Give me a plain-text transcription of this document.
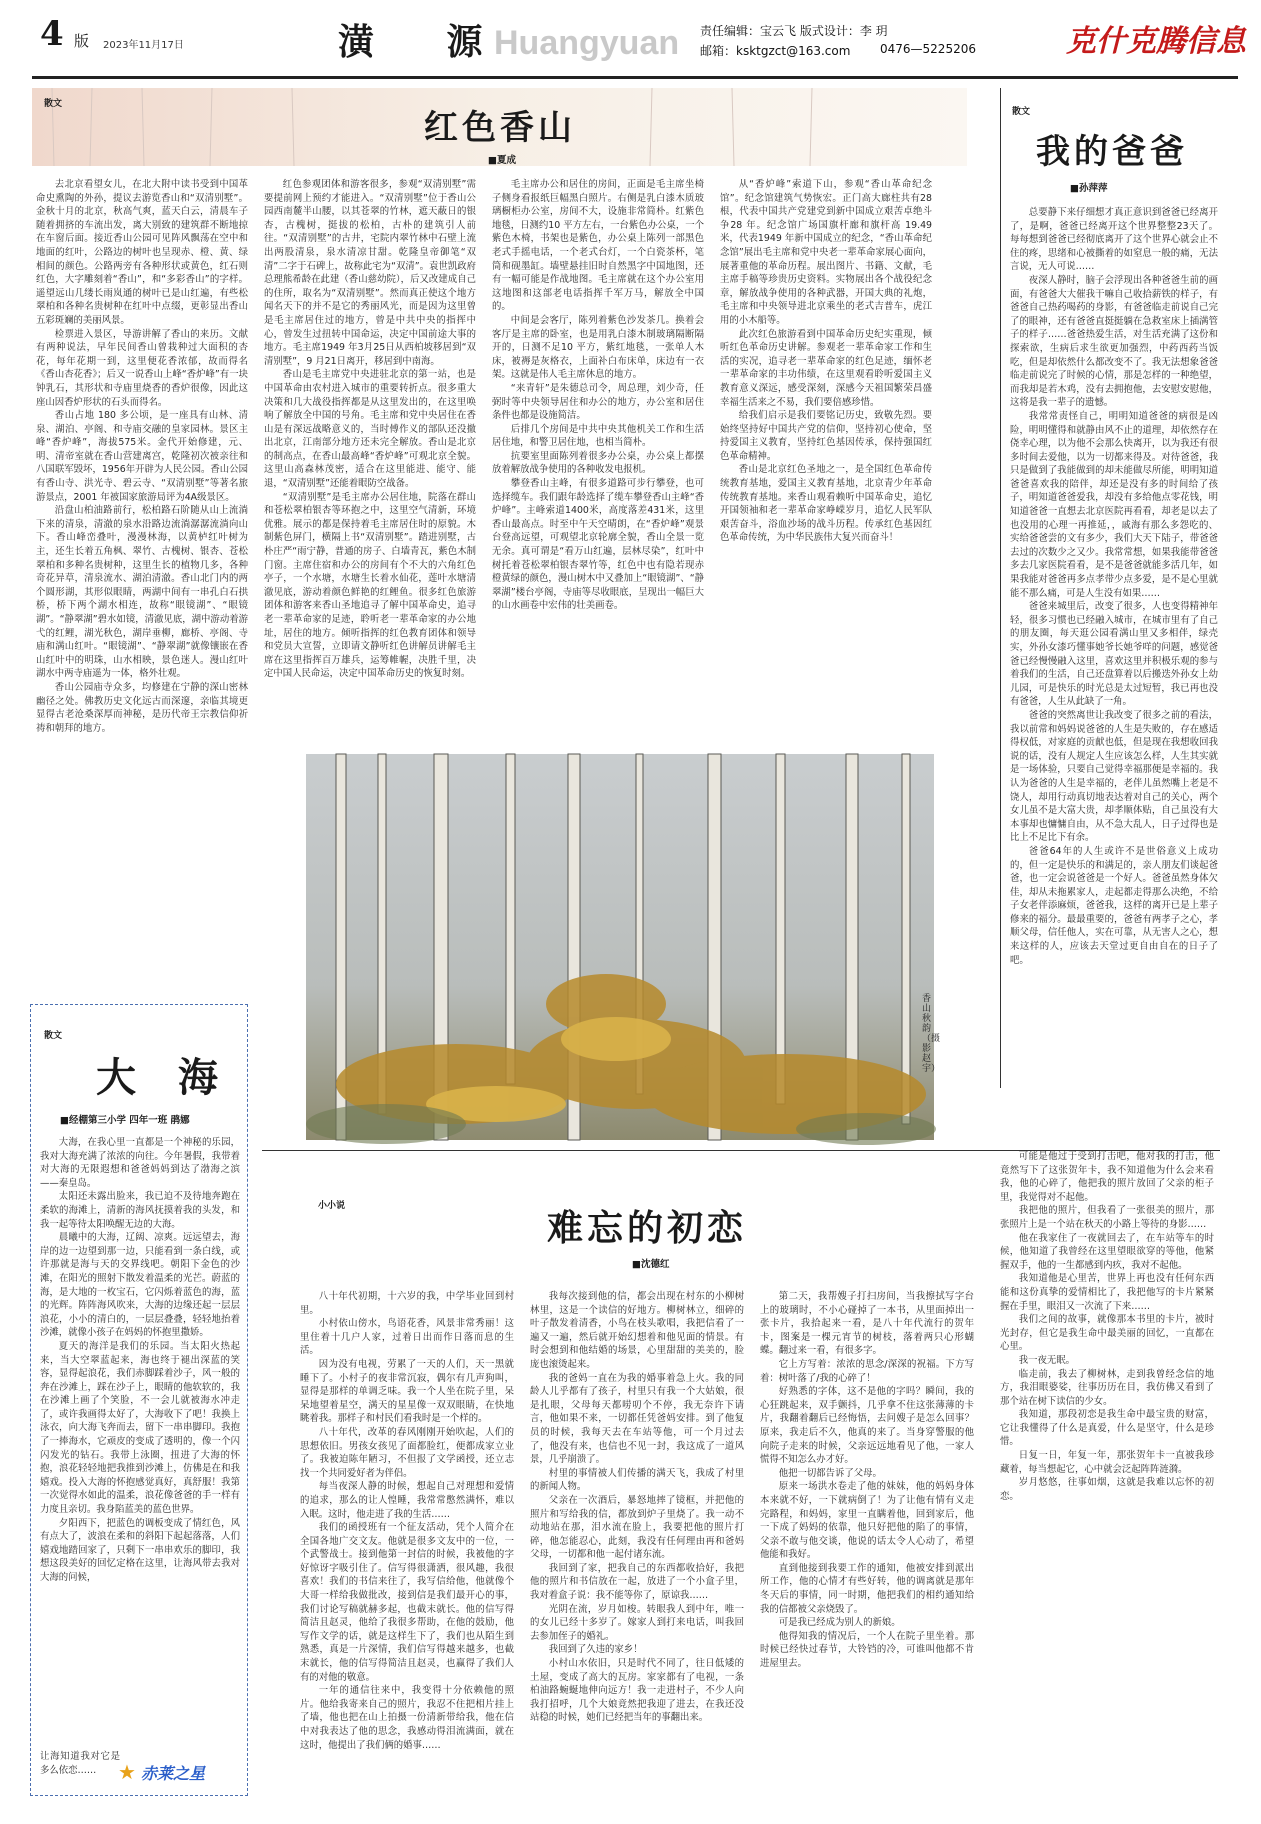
4 版 2023年11月17日	潢 源
Huangyuan 责任编辑：宝云飞 版式设计：李 玥
邮箱：ksktgzct@163.com 0476—5225206	克什克腾信息
散文
红色香山
■夏成

去北京看望女儿，在北大附中读书受到中国革命史熏陶的外孙，提议去游览香山和“双清别墅”。金秋十月的北京，秋高气爽，蓝天白云，清晨车子随着拥挤的车流出发，离大别致的建筑群不断地掠在车窗后面。接近香山公园可见阵风飘荡在空中和地面的红叶，公路边的树叶也呈现赤、橙、黄、绿相间的颜色。公路两旁有各种形状或黄色，红石则红色，大字雕刻着“香山”，和“多彩香山”的字样。遥望远山几缕长雨岚通的树叶已是山红遍，有些松翠柏和各种名贵树种在红叶中点缀，更彰显出香山五彩斑斓的美丽风景。

检票进入景区，导游讲解了香山的来历。文献有两种说法，早年民间香山曾栽种过大面积的杏花，每年花期一到，这里便花香浓郁，故而得名《香山杏花香》；后又一说香山上峰“香炉峰”有一块钟乳石，其形状和寺庙里烧香的香炉很像，因此这座山因香炉形状的石头而得名。

香山占地 180 多公顷，是一座具有山林、清泉、湖泊、亭阁、和寺庙交融的皇家园林。景区主峰“香炉峰”，海拔575米。金代开始修建，元、明、清帝室就在香山营建离宫，乾隆初次被亲往和八国联军毁坏，1956年开辟为人民公园。香山公园有香山寺、洪光寺、碧云寺、“双清别墅”等著名旅游景点，2001 年被国家旅游局评为4A级景区。

沿盘山柏油路前行，松柏路石阶随从山上流淌下来的清泉，清澈的泉水沿路边流淌潺潺流淌向山下。香山峰峦叠叶，漫漫林海，以黄栌红叶树为主，还生长着五角枫、翠竹、古槐树、银杏、苍松翠柏和多种名贵树种，这里生长的植物几多，各种奇花异草，清泉流水、湖泊清澈。香山北门内的两个圆形湖，其形似眼睛，两湖中间有一串孔白石拱桥，桥下两个湖水相连，故称“眼镜湖”、“眼镜湖”。“静翠湖”碧水如镜，清澈见底，湖中游动着游弋的红鲤，湖光秋色，湖岸垂柳，廊桥、亭阁、寺庙和满山红叶。“眼镜湖”、“静翠湖”就像镶嵌在香山红叶中的明珠，山水相映，景色迷人。漫山红叶湖水中两寺庙遥为一体，格外壮观。

香山公园庙寺众多，均修建在宁静的深山密林幽径之处。佛教历史文化远古而深邃，亲临其境更显得古老沧桑深厚而神秘，是历代帝王宗教信仰祈祷和朝拜的地方。

红色参观团体和游客很多，参观“双清别墅”需要提前网上预约才能进入。“双清别墅”位于香山公园西南麓半山腰，以其苍翠的竹林，遮天蔽日的银杏，古槐树，挺拔的松柏，古朴的建筑引人前往。“双清别墅”的古井，宅院内翠竹林中石壁上流出两股清泉，泉水清凉甘甜。乾隆皇帝御笔“双清”二字于石碑上，故称此宅为“双清”。袁世凯政府总理熊希龄在此建（香山慈幼院），后又改建成自己的住所，取名为“双清别墅”。然而真正使这个地方闻名天下的并不是它的秀丽风光，而是因为这里曾是毛主席居住过的地方，曾是中共中央的指挥中心，曾发生过扭转中国命运，决定中国前途大事的地方。毛主席1949 年3月25日从西柏坡移居到“双清别墅”，9 月21日离开，移居到中南海。

香山是毛主席党中央进驻北京的第一站，也是中国革命由农村进入城市的重要转折点。很多重大决策和几大战役指挥都是从这里发出的，在这里唤响了解放全中国的号角。毛主席和党中央居住在香山是有深远战略意义的，当时傅作义的部队还没撤出北京，江南部分地方还未完全解放。香山是北京的制高点，在香山最高峰“香炉峰”可观北京全貌。这里山高森林茂密，适合在这里能进、能守、能退，“双清别墅”还能着眼防空战备。

“双清别墅”是毛主席办公居住地，院落在群山和苍松翠柏银杏等环抱之中，这里空气清新，环境优雅。展示的都是保持着毛主席居住时的原貌。木制紫色屏门，横隔上书“双清别墅”。踏进别墅，古朴庄严“雨宁静，普通的房子、白墙青瓦，紫色木制门窗。主席住宿和办公的房间有个不大的六角红色亭子，一个水塘，水塘生长着水仙花，莲叶水塘清澈见底，游动着颜色鲜艳的红鲤鱼。很多红色旅游团体和游客来香山圣地追寻了解中国革命史，追寻老一辈革命家的足迹，聆听老一辈革命家的办公地址，居住的地方。倾听指挥的红色教育团体和领导和党员大宣誓，立即请文静听红色讲解员讲解毛主席在这里指挥百万雄兵，运筹帷幄，决胜千里，决定中国人民命运，决定中国革命历史的恢复时刻。

毛主席办公和居住的房间，正面是毛主席坐椅子侧身看报纸巨幅黑白照片。右侧是乳白漆木质玻璃橱柜办公室，房间不大，设施非常简朴。红紫色地毯，日测约10 平方左右，一台紫色办公桌，一个紫色木椅，书架也是紫色，办公桌上陈列一部黑色老式手摇电话，一个老式台灯，一个白瓷茶杯，笔筒和砚墨缸。墙壁悬挂旧时自然黑字中国地图，还有一幅可能是作战地图。毛主席就在这个办公室用这地图和这部老电话指挥千军万马，解放全中国的。

中间是会客厅，陈列着紫色沙发茶几。换着会客厅是主席的卧室，也是用乳白漆木制玻璃隔断隔开的，日测不足10 平方，紫红地毯，一张单人木床，被褥是灰格衣，上面补白布床单，床边有一衣架。这就是伟人毛主席休息的地方。

“来青轩”是朱德总司令，周总理，刘少奇，任弼时等中央领导居住和办公的地方，办公室和居住条件也都是设施简洁。

后排几个房间是中共中央其他机关工作和生活居住地，和警卫居住地，也相当简朴。

抗要室里面陈列着很多办公桌，办公桌上都摆放着解放战争使用的各种收发电报机。

攀登香山主峰，有很多道路可步行攀登，也可选择缆车。我们跟年龄选择了缆车攀登香山主峰“香炉峰”。主峰索道1400米，高度落差431米，这里香山最高点。时至中午天空晴朗，在“香炉峰”观景台登高远望，可观望北京轮廓全貌，香山全景一览无余。真可谓是“看万山红遍，层林尽染”，红叶中树托着苍松翠柏银杏翠竹等，红色中也有隐若现赤橙黄绿的颜色，漫山树木中又叠加上“眼镜湖”、“静翠湖”楼台亭阁，寺庙等尽收眼底，呈现出一幅巨大的山水画卷中宏伟的壮美画卷。

从“香炉峰”索道下山，参观“香山革命纪念馆”。纪念馆建筑气势恢宏。正门高大廊柱共有28根，代表中国共产党建党到新中国成立艰苦卓绝斗争28 年。纪念馆广场国旗杆廊和旗杆高 19.49 米，代表1949 年新中国成立的纪念，“香山革命纪念馆”展出毛主席和党中央老一辈革命家展心面向，展著重他的革命历程。展出图片、书籍、文献，毛主席手稿等珍贵历史资料。实物展出各个战役纪念章，解放战争使用的各种武器，开国大典的礼炮，毛主席和中央领导进北京乘坐的老式吉普车，虎江用的小木船等。

此次红色旅游看到中国革命历史纪实重现，倾听红色革命历史讲解。参观老一辈革命家工作和生活的实况，追寻老一辈革命家的红色足迹，缅怀老一辈革命家的丰功伟绩，在这里观看聆听爱国主义教育意义深远，感受深刻，深感今天祖国繁荣昌盛幸福生活来之不易，我们要倍感珍惜。

给我们启示是我们要铭记历史，致敬先烈。要始终坚持好中国共产党的信仰，坚持初心使命，坚持爱国主义教育，坚持红色基因传承，保持强国红色革命精神。

香山是北京红色圣地之一，是全国红色革命传统教育基地，爱国主义教育基地，北京青少年革命传统教育基地。来香山观看赖听中国革命史，追忆开国领袖和老一辈革命家峥嵘岁月，追忆人民军队艰苦奋斗，浴血沙场的战斗历程。传承红色基因红色革命传统，为中华民族伟大复兴而奋斗！

香山秋韵 （摄影 赵宇）
散文
我的爸爸
■孙萍萍

总要静下来仔细想才真正意识到爸爸已经离开了，是啊，爸爸已经离开这个世界整整23天了。每每想到爸爸已经彻底离开了这个世界心就会止不住的疼，思绪和心被撕着的如窒息一般的痛，无法言说，无人可说……

夜深人静时，脑子会浮现出各种爸爸生前的画面，有爸爸大大催我干嘛自己收拾薪铁的样子，有爸爸自己热药喝药的身影，有爸爸临走前说自己完了的眼神，还有爸爸直挺挺躺在急救室床上插满管子的样子……爸爸热爱生活，对生活充满了这份和探索欲，生病后求生欲更加强烈，中药西药当饭吃，但是却依然什么都改变不了。我无法想象爸爸临走前说完了时候的心情，那是怎样的一种绝望，而我却是若木鸡，没有去拥抱他，去安慰安慰他，这将是我一辈子的遗憾。

我常常责怪自己，明明知道爸爸的病很是凶险，明明懂得和就静由风不止的道理，却依然存在侥幸心理，以为他不会那么快离开，以为我还有很多时间去爱他，以为一切都来得及。对待爸爸，我只是做到了我能做到的却未能做尽所能，明明知道爸爸喜欢我的陪伴，却还是没有多的时间给了孩子，明知道爸爸爱我，却没有多给他点零花钱，明知道爸爸一直想去北京医院再看看，却老是以去了也没用的心理一再推延，，戚海有那么多怨吃的、实给爸爸尝的文有多少，我们大天下陆子，带爸爸去过的次数少之又少。我常常想，如果我能带爸爸多去几家医院看看，是不是爸爸就能多活几年，如果我能对爸爸再多点孝带少点多爱，是不是心里就能不那么痛，可是人生没有如果……

爸爸来城里后，改变了很多，人也变得精神年轻，很多习惯也已经融入城市，在城市里有了自己的朋友圈，每天逛公园看满山里又多相伴，绿壳实，外孙女漆巧懂事她爷长她爷咩的问题，感觉爸爸已经慢慢融入这里，喜欢这里并积极乐观的参与着我们的生活，自己还盘算着以后搬迭外孙女上幼儿园，可是快乐的时光总是太过短暂，我已再也没有爸爸，人生从此缺了一角。

爸爸的突然离世让我改变了很多之前的看法，我以前常和妈妈说爸爸的人生是失败的，存在感适得权低，对家庭的贡献也低，但是现在我想收回我说的话，没有人规定人生应该怎么样，人生其实就是一场体验，只要自己觉得幸福那便是幸福的。我认为爸爸的人生是幸福的，老伴儿虽然嘴上老是不饶人，却用行动真切地表达着对自己的关心，两个女儿虽不是大富大贵，却孝顺体贴，自己虽没有大本事却也慵慵自由，从不急大乱人，日子过得也是比上不足比下有余。

爸爸64年的人生或许不是世俗意义上成功的，但一定是快乐的和满足的，亲人朋友们谈起爸爸，也一定会说爸爸是一个好人。爸爸虽然身体欠佳，却从未拖累家人，走起都走得那么决绝，不给子女老伴添麻烦，爸爸我，这样的离开已是上辈子修来的福分。最最重要的，爸爸有两孝子之心，孝顺父母，信任他人，实在可靠，从无害人之心，想来这样的人，应该去天堂过更自由自在的日子了吧。

散文
大 海
■经棚第三小学 四年一班 鹃娜

大海，在我心里一直都是一个神秘的乐园，我对大海充满了浓浓的向往。今年暑假，我带着对大海的无限遐想和爸爸妈妈到达了渤海之滨——秦皇岛。

太阳还未露出脸来，我已迫不及待地奔跑在柔软的海滩上，清新的海风抚摸着我的头发，和我一起等待太阳唤醒无边的大海。

晨曦中的大海，辽阔、凉爽。远远望去，海岸的边一边望到那一边，只能看到一条白线，或许那就是海与天的交界线吧。朝阳下金色的沙滩，在阳光的照射下散发着温柔的光芒。蔚蓝的海，是大地的一枚宝石，它闪烁着蓝色的海，蓝的光辉。阵阵海风吹来，大海的边缘还起一层层浪花，小小的清白的，一层层叠叠，轻轻地抬着沙滩，就像小孩子在妈妈的怀抱里撒娇。

夏天的海洋是我们的乐园。当太阳火热起来，当大空翠蓝起来，海也终于褪出深蓝的笑容，显得起浪花，我们赤脚踩着沙子，风一般的奔在沙滩上，踩在沙子上，眼睛的他软软的，我在沙滩上画了个笑脸，不一会儿就被海水冲走了，或许我画得太好了，大海收下了吧！我换上泳衣，向大海飞奔而去，留下一串串脚印。我抱了一捧海水，它顽皮的变成了透明的，像一个闪闪发光的钻石。我带上泳圈，扭进了大海的怀抱，浪花轻轻地把我推到沙滩上，仿佛是在和我嬉戏。投入大海的怀抱感觉真好，真舒服！我第一次觉得水如此的温柔，浪花像爸爸的手一样有力度且亲切。我身陷蓝美的蓝色世界。

夕阳西下，把蓝色的调板变成了情红色，风有点大了，波浪在柔和的斜阳下起起落落，人们嬉戏地踏回家了，只剩下一串串欢乐的脚印，我想这段美好的回忆定格在这里，让海风带去我对大海的问候，

让海知道我对它是多么依恋……	★ 赤莱之星
小小说
难忘的初恋
■沈德红

八十年代初期，十六岁的我，中学毕业回到村里。

小村依山傍水，鸟语花香，风景非常秀丽！这里住着十几户人家，过着日出而作日落而息的生活。

因为没有电视，劳累了一天的人们，天一黑就睡下了。小村子的夜非常沉寂，偶尔有几声狗叫，显得是那样的单调乏味。我一个人坐在院子里，呆呆地望着星空，满天的星星像一双双眼睛，在快地眺着我。那样子和村民们看我时是一个样的。

八十年代，改革的春风刚刚开始吹起，人们的思想依旧。男孩女孩见了面都脸红，便都成家立业了。我被迫陈年陋习，不但报了文学函授，还立志找一个共同爱好者为伴侣。

每当夜深人静的时候，想起自己对理想和爱情的追求，那么的让人惶睡，我常常憋然满怀，难以入眠。这时，他走进了我的生活……

我们的函授班有一个征友活动，凭个人简介在全国各地广交文友。他就是很多文友中的一位，一个武警战士。接到他第一封信的时候，我被他的字好惊讶字吸引住了。信写得很潇洒，很风趣，我很喜欢！我们的书信来往了，我写信给他，他就像个大哥一样给我做批改，接到信是我们最开心的事，我们讨论写稿就赫多起，也截末就长。他的信写得简洁且赵灵，他给了我很多帮助，在他的鼓励，他写作文学的话，就是这样生下了，我们也从陌生到熟悉，真是一片深情，我们信写得越来越多，也截末就长，他的信写得简洁且赵灵，也赢得了我们人有的对他的敬意。

一年的通信往来中，我变得十分依赖他的照片。他给我寄来自己的照片，我忍不住把相片挂上了墙，他也把在山上拍摄一份清新带给我，他在信中对我表达了他的思念，我感动得泪流满面，就在这时，他提出了我们俩的婚事……

我每次接到他的信，都会出现在村东的小柳树林里，这是一个读信的好地方。柳树林立，细碎的叶子散发着清香，小鸟在枝头歌唱，我把信看了一遍又一遍，然后就开始幻想着和他见面的情景。有时会想到和他结婚的场景，心里甜甜的美美的，脸庞也滚烫起来。

我的爸妈一直在为我的婚事着急上火。我的同龄人儿乎都有了孩子，村里只有我一个大姑娘，很是扎眼，父母每天都唠叨个不停，我无奈许下请言，他如果不来，一切都任凭爸妈安排。到了他复员的时候，我每天去在车站等他，可一个月过去了，他没有来，也信也不见一封，我这成了一道风景，几乎崩溃了。

村里的事情被人们传播的满天飞，我成了村里的新闻人物。

父亲在一次酒后，暴怒地摔了镜框，并把他的照片和写给我的信，都放到炉子里烧了。我一动不动地站在那，泪水流在脸上，我要把他的照片打碎，他怎能忍心，此刻，我没有任何理由再和爸妈父母，一切都和他一起付诸东流。

我回到了家，把我自己的东西都收拾好，我把他的照片和书信放在一起，放进了一个小盒子里，我对着盒子说：我不能等你了，原谅我……

光阴在流，岁月如梭。转眼我人到中年，唯一的女儿已经十多岁了。嫁家人到打来电话，叫我回去参加侄子的婚礼。

我回到了久违的家乡！

小村山水依旧，只是时代不同了，往日低矮的土屋，变成了高大的瓦房。家家都有了电视，一条柏油路蜿蜒地伸向远方！我一走进村子，不少人向我打招呼，几个大娘竟然把我迎了进去，在我还没站稳的时候，她们已经把当年的事翻出来。

第二天，我帮嫂子打扫房间，当我擦拭写字台上的玻璃时，不小心碰掉了一本书，从里面掉出一张卡片，我拾起来一看，是八十年代流行的贺年卡，图案是一棵元宵节的树枝，落着两只心形蝴蝶。翻过来一看，有很多字。

它上方写着：浓浓的思念/深深的祝福。下方写着：树叶落了/我的心碎了！

好熟悉的字体，这不是他的字吗？瞬间，我的心狂跳起来，双手颤抖，几乎拿不住这张薄薄的卡片，我翻着翻后已经悔悟，去问嫂子是怎么回事？原来，我走后不久，他真的来了。当身穿警服的他向院子走来的时候，父亲远远地看见了他，一家人慌得不知怎么办才好。

他把一切都告诉了父母。

原来一场洪水卷走了他的妹妹，他的妈妈身体本来就不好，一下就病倒了！为了让他有情有义走完路程，和妈妈，家里一直瞒着他，回到家后，他一下成了妈妈的依靠，他只好把他的陷了的事情，父亲不敢与他交谈，他说的话太令人心动了，希望他能和我好。

直到他接到我要工作的通知，他被安排到派出所工作，他的心情才有些好转，他的调离就是那年冬天后的事情，同一时期，他把我们的相约通知给我的信都被父亲烧毁了。

可是我已经成为别人的新娘。

他得知我的情况后，一个人在院子里坐着。那时候已经快过春节，大铃铛的冷，可谁叫他都不肯进屋里去。

可能是他过于受到打击吧，他对我的打击，他竟然写下了这张贺年卡，我不知道他为什么会来看我，他的心碎了，他把我的照片放回了父亲的柜子里，我觉得对不起他。

我把他的照片，但我看了一张很美的照片，那张照片上是一个站在秋天的小路上等待的身影……

他在我家住了一夜就回去了，在车站等车的时候，他知道了我曾经在这里望眼欲穿的等他，他紧握双手，他的一生都感到内疚，我对不起他。

我知道他是心里苦，世界上再也没有任何东西能和这份真挚的爱情相比了，我把他写的卡片紧紧握在手里，眼泪又一次流了下来……

我们之间的故事，就像那本书里的卡片，被时光封存，但它是我生命中最美丽的回忆，一直都在心里。

我一夜无眠。

临走前，我去了柳树林，走到我曾经念信的地方，我泪眼婆娑，往事历历在目，我仿佛又看到了那个站在树下读信的少女。

我知道，那段初恋是我生命中最宝贵的财富，它让我懂得了什么是真爱，什么是坚守，什么是珍惜。

日复一日，年复一年，那张贺年卡一直被我珍藏着，每当想起它，心中就会泛起阵阵涟漪。

岁月悠悠，往事如烟，这就是我难以忘怀的初恋。
